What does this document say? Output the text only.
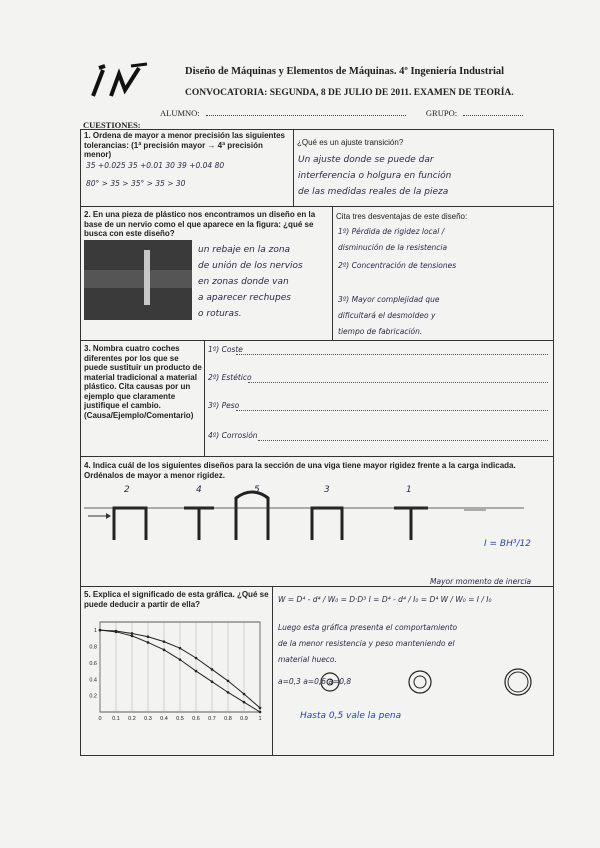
Diseño de Máquinas y Elementos de Máquinas. 4º Ingeniería Industrial
CONVOCATORIA: SEGUNDA, 8 DE JULIO DE 2011. EXAMEN DE TEORÍA.
ALUMNO:	GRUPO:
CUESTIONES:
1. Ordena de mayor a menor precisión las siguientes tolerancias: (1ª precisión mayor → 4ª precisión menor)
35 +0.025 35 +0.01 30 39 +0.04 80
80° > 35 > 35° > 35 > 30
¿Qué es un ajuste transición?
Un ajuste donde se puede dar
interferencia o holgura en función
de las medidas reales de la pieza
2. En una pieza de plástico nos encontramos un diseño en la base de un nervio como el que aparece en la figura: ¿qué se busca con este diseño?
un rebaje en la zona
de unión de los nervios
en zonas donde van
a aparecer rechupes
o roturas.
Cita tres desventajas de este diseño:
1º) Pérdida de rigidez local /
disminución de la resistencia
2º) Concentración de tensiones
3º) Mayor complejidad que
dificultará el desmoldeo y
tiempo de fabricación.
3. Nombra cuatro coches diferentes por los que se puede sustituir un producto de material tradicional a material plástico. Cita causas por un ejemplo que claramente justifique el cambio. (Causa/Ejemplo/Comentario)
1º) Coste
2º) Estético
3º) Peso
4º) Corrosión
4. Indica cuál de los siguientes diseños para la sección de una viga tiene mayor rigidez frente a la carga indicada. Ordénalos de mayor a menor rigidez.
2	4	5	3	1
I = BH³/12
Mayor momento de inercia
5. Explica el significado de esta gráfica. ¿Qué se puede deducir a partir de ella?
0 0.1 0.2 0.3 0.4 0.5 0.6 0.7 0.8 0.9 1
1
0.8
0.6
0.4
0.2
W = D⁴ - d⁴ / W₀ = D·D³ I = D⁴ - d⁴ / I₀ = D⁴ W / W₀ = I / I₀
Luego esta gráfica presenta el comportamiento
de la menor resistencia y peso manteniendo el
material hueco.
a=0,3 a=0,6 a=0,8
Hasta 0,5 vale la pena
